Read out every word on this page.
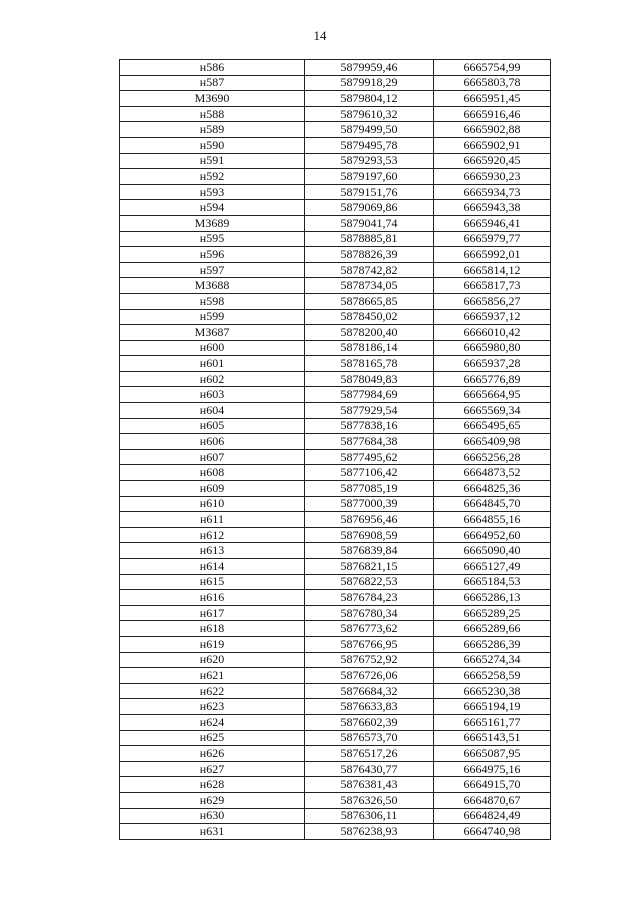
14
н586	5879959,46	6665754,99
н587	5879918,29	6665803,78
МЗ690	5879804,12	6665951,45
н588	5879610,32	6665916,46
н589	5879499,50	6665902,88
н590	5879495,78	6665902,91
н591	5879293,53	6665920,45
н592	5879197,60	6665930,23
н593	5879151,76	6665934,73
н594	5879069,86	6665943,38
МЗ689	5879041,74	6665946,41
н595	5878885,81	6665979,77
н596	5878826,39	6665992,01
н597	5878742,82	6665814,12
МЗ688	5878734,05	6665817,73
н598	5878665,85	6665856,27
н599	5878450,02	6665937,12
МЗ687	5878200,40	6666010,42
н600	5878186,14	6665980,80
н601	5878165,78	6665937,28
н602	5878049,83	6665776,89
н603	5877984,69	6665664,95
н604	5877929,54	6665569,34
н605	5877838,16	6665495,65
н606	5877684,38	6665409,98
н607	5877495,62	6665256,28
н608	5877106,42	6664873,52
н609	5877085,19	6664825,36
н610	5877000,39	6664845,70
н611	5876956,46	6664855,16
н612	5876908,59	6664952,60
н613	5876839,84	6665090,40
н614	5876821,15	6665127,49
н615	5876822,53	6665184,53
н616	5876784,23	6665286,13
н617	5876780,34	6665289,25
н618	5876773,62	6665289,66
н619	5876766,95	6665286,39
н620	5876752,92	6665274,34
н621	5876726,06	6665258,59
н622	5876684,32	6665230,38
н623	5876633,83	6665194,19
н624	5876602,39	6665161,77
н625	5876573,70	6665143,51
н626	5876517,26	6665087,95
н627	5876430,77	6664975,16
н628	5876381,43	6664915,70
н629	5876326,50	6664870,67
н630	5876306,11	6664824,49
н631	5876238,93	6664740,98
